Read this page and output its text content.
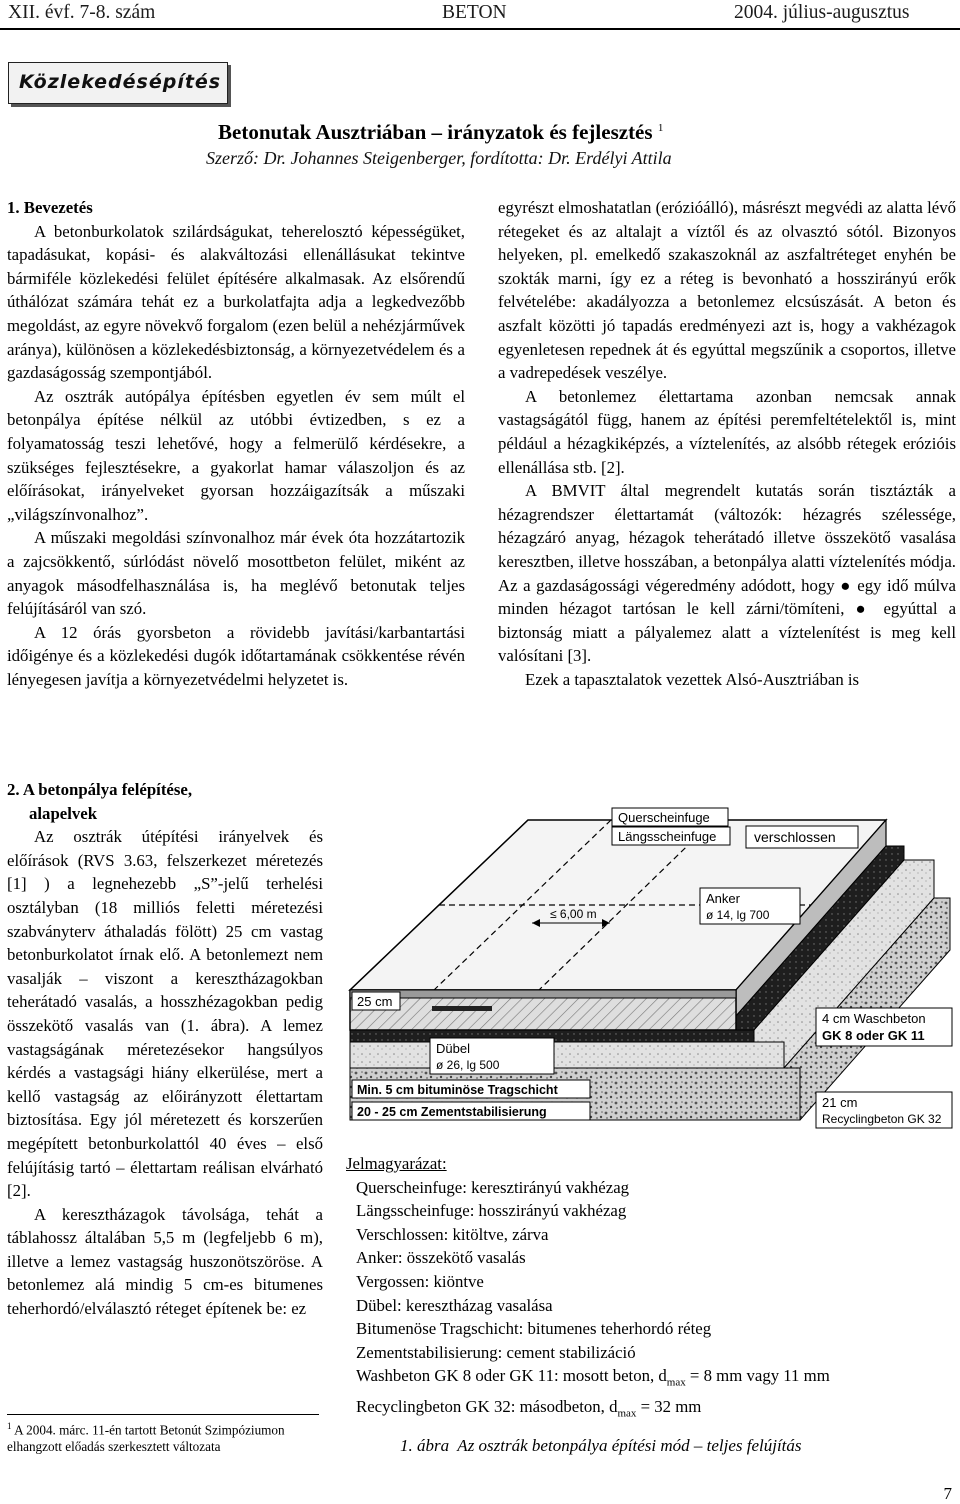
XII. évf. 7-8. szám	BETON	2004. július-augusztus
Közlekedésépítés
Betonutak Ausztriában – irányzatok és fejlesztés $^1$
Szerző: Dr. Johannes Steigenberger, fordította: Dr. Erdélyi Attila
1. Bevezetés

A betonburkolatok szilárdságukat, teherelosztó képességüket, tapadásukat, kopási- és alakváltozási ellenállásukat tekintve bármiféle közlekedési felület építésére alkalmasak. Az elsőrendű úthálózat számára tehát ez a burkolatfajta adja a legkedvezőbb megoldást, az egyre növekvő forgalom (ezen belül a nehézjárművek aránya), különösen a közlekedésbiztonság, a környezetvédelem és a gazdaságosság szempontjából.

Az osztrák autópálya építésben egyetlen év sem múlt el betonpálya építése nélkül az utóbbi évtizedben, s ez a folyamatosság teszi lehetővé, hogy a felmerülő kérdésekre, a szükséges fejlesztésekre, a gyakorlat hamar válaszoljon és az előírásokat, irányelveket gyorsan hozzáigazítsák a műszaki „világszínvonalhoz”.

A műszaki megoldási színvonalhoz már évek óta hozzátartozik a zajcsökkentő, súrlódást növelő mosottbeton felület, miként az anyagok másodfelhasználása is, ha meglévő betonutak teljes felújításáról van szó.

A 12 órás gyorsbeton a rövidebb javítási/karbantartási időigénye és a közlekedési dugók időtartamának csökkentése révén lényegesen javítja a környezetvédelmi helyzetet is.

2. A betonpálya felépítése,
alapelvek

Az osztrák útépítési irányelvek és előírások (RVS 3.63, felszerkezet méretezés [1] ) a legnehezebb „S”-jelű terhelési osztályban (18 milliós feletti méretezési szabványterv áthaladás fölött) 25 cm vastag betonburkolatot írnak elő. A betonlemezt nem vasalják – viszont a keresztházagokban teherátadó vasalás, a hosszhézagokban pedig összekötő vasalás van (1. ábra). A lemez vastagságának méretezésekor hangsúlyos kérdés a vastagsági hiány elkerülése, mert a kellő vastagság az előirányzott élettartam biztosítása. Egy jól méretezett és korszerűen megépített betonburkolattól 40 éves – első felújításig tartó – élettartam reálisan elvárható [2].

A keresztházagok távolsága, tehát a táblahossz általában 5,5 m (legfeljebb 6 m), illetve a lemez vastagság huszonötszöröse. A betonlemez alá mindig 5 cm-es bitumenes teherhordó/elválasztó réteget építenek be: ez

egyrészt elmoshatatlan (erózióálló), másrészt megvédi az alatta lévő rétegeket és az altalajt a víztől és az olvasztó sótól. Bizonyos helyeken, pl. emelkedő szakaszoknál az aszfaltréteget enyhén be szokták marni, így ez a réteg is bevonható a hosszirányú erők felvételébe: akadályozza a betonlemez elcsúszását. A beton és aszfalt közötti jó tapadás eredményezi azt is, hogy a vakhézagok egyenletesen repednek át és egyúttal megszűnik a csoportos, illetve a vadrepedések veszélye.

A betonlemez élettartama azonban nemcsak annak vastagságától függ, hanem az építési peremfeltételektől is, mint például a hézagkiképzés, a víztelenítés, az alsóbb rétegek erózióis ellenállása stb. [2].

A BMVIT által megrendelt kutatás során tisztázták a hézagrendszer élettartamát (változók: hézagrés szélessége, hézagzáró anyag, hézagok teherátadó illetve összekötő vasalása keresztben, illetve hosszában, a betonpálya alatti víztelenítés módja. Az a gazdaságossági végeredmény adódott, hogy ● egy idő múlva minden hézagot tartósan le kell zárni/tömíteni, ● egyúttal a biztonság miatt a pályalemez alatt a víztelenítést is meg kell valósítani [3].

Ezek a tapasztalatok vezettek Alsó-Ausztriában is

Querscheinfuge
Längsscheinfuge	verschlossen
≤ 6,00 m
Anker
ø 14, lg 700
Dübel
ø 26, lg 500
25 cm
Min. 5 cm bituminöse Tragschicht
20 - 25 cm Zementstabilisierung
4 cm Waschbeton
GK 8 oder GK 11
21 cm
Recyclingbeton GK 32
Jelmagyarázat:
Querscheinfuge: keresztirányú vakhézag
Längsscheinfuge: hosszirányú vakhézag
Verschlossen: kitöltve, zárva
Anker: összekötő vasalás
Vergossen: kiöntve
Dübel: keresztházag vasalása
Bitumenöse Tragschicht: bitumenes teherhordó réteg
Zementstabilisierung: cement stabilizáció
Washbeton GK 8 oder GK 11: mosott beton, $d_{max} = 8$ mm vagy 11 mm
Recyclingbeton GK 32: másodbeton, $d_{max} = 32$ mm
$^1$ A 2004. márc. 11-én tartott Betonút Szimpóziumon elhangzott előadás szerkesztett változata	1. ábra  Az osztrák betonpálya építési mód – teljes felújítás
7
